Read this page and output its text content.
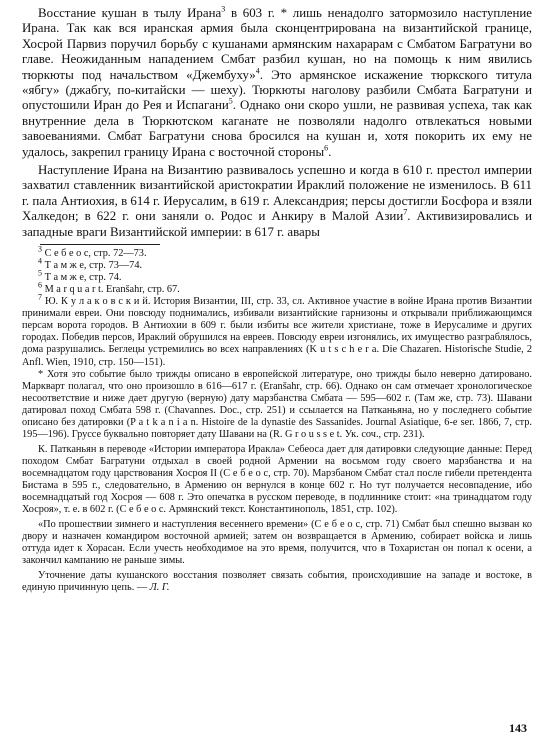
Восстание кушан в тылу Ирана$^3$ в 603 г. * лишь ненадолго затормозило наступление Ирана. Так как вся иранская армия была сконцентрирована на византийской границе, Хосрой Парвиз поручил борьбу с кушанами армянским нахарарам с Смбатом Багратуни во главе. Неожиданным нападением Смбат разбил кушан, но на помощь к ним явились тюркюты под начальством «Джембуху»$^4$. Это армянское искажение тюркского титула «ябгу» (джабгу, по-китайски — шеху). Тюркюты наголову разбили Смбата Багратуни и опустошили Иран до Рея и Испагани$^5$. Однако они скоро ушли, не развивая успеха, так как внутренние дела в Тюркютском каганате не позволяли надолго отвлекаться новыми завоеваниями. Смбат Багратуни снова бросился на кушан и, хотя покорить их ему не удалось, закрепил границу Ирана с восточной стороны$^6$.

Наступление Ирана на Византию развивалось успешно и когда в 610 г. престол империи захватил ставленник византийской аристократии Ираклий положение не изменилось. В 611 г. пала Антиохия, в 614 г. Иерусалим, в 619 г. Александрия; персы достигли Босфора и взяли Халкедон; в 622 г. они заняли о. Родос и Анкиру в Малой Азии$^7$. Активизировались и западные враги Византийской империи: в 617 г. авары

$^3$ С е б е о с, стр. 72—73.

$^4$ Т а м ж е, стр. 73—74.

$^5$ Т а м ж е, стр. 74.

$^6$ M a r q u a r t. Eranšahr, стр. 67.

$^7$ Ю. К у л а к о в с к и й. История Византии, III, стр. 33, сл. Активное участие в войне Ирана против Византии принимали евреи. Они повсюду поднимались, избивали византийские гарнизоны и открывали приближающимся персам ворота городов. В Антиохии в 609 г. были избиты все жители христиане, тоже в Иерусалиме и других городах. Победив персов, Ираклий обрушился на евреев. Повсюду евреи изгонялись, их имущество разграблялось, дома разрушались. Беглецы устремились во всех направлениях (K u t s c h e r a. Die Chazaren. Historische Studie, 2 Anfl. Wien, 1910, стр. 150—151).

* Хотя это событие было трижды описано в европейской литературе, оно трижды было неверно датировано. Маркварт полагал, что оно произошло в 616—617 г. (Eranšahr, стр. 66). Однако он сам отмечает хронологическое несоответствие и ниже дает другую (верную) дату марзбанства Смбата — 595—602 г. (Там же, стр. 73). Шавани датировал поход Смбата 598 г. (Chavannes. Doc., стр. 251) и ссылается на Патканьяна, но у последнего событие описано без датировки (P a t k a n i a n. Histoire de la dynastie des Sassanides. Journal Asiatique, 6-e ser. 1866, 7, стр. 195—196). Груссе буквально повторяет дату Шавани на (R. G r o u s s e t. Ук. соч., стр. 231).

К. Патканьян в переводе «Истории императора Ираклa» Себеоса дает для датировки следующие данные: Перед походом Смбат Багратуни отдыхал в своей родной Армении на восьмом году своего марзбанства и на восемнадцатом году царствования Хосроя II (С е б е о с, стр. 70). Марзбаном Смбат стал после гибели претендента Бистама в 595 г., следовательно, в Армению он вернулся в конце 602 г. Но тут получается несовпадение, ибо восемнадцатый год Хосроя — 608 г. Это опечатка в русском переводе, в подлиннике стоит: «на тринадцатом году Хосроя», т. е. в 602 г. (С е б е о с. Армянский текст. Константинополь, 1851, стр. 102).

«По прошествии зимнего и наступления весеннего времени» (С е б е о с, стр. 71) Смбат был спешно вызван ко двору и назначен командиром восточной армией; затем он возвращается в Армению, собирает войска и лишь оттуда идет к Хорасан. Если учесть необходимое на это время, получится, что в Тохаристан он попал к осени, а закончил кампанию не раньше зимы.

Уточнение даты кушанского восстания позволяет связать события, происходившие на западе и востоке, в единую причинную цепь. — Л. Г.

143
